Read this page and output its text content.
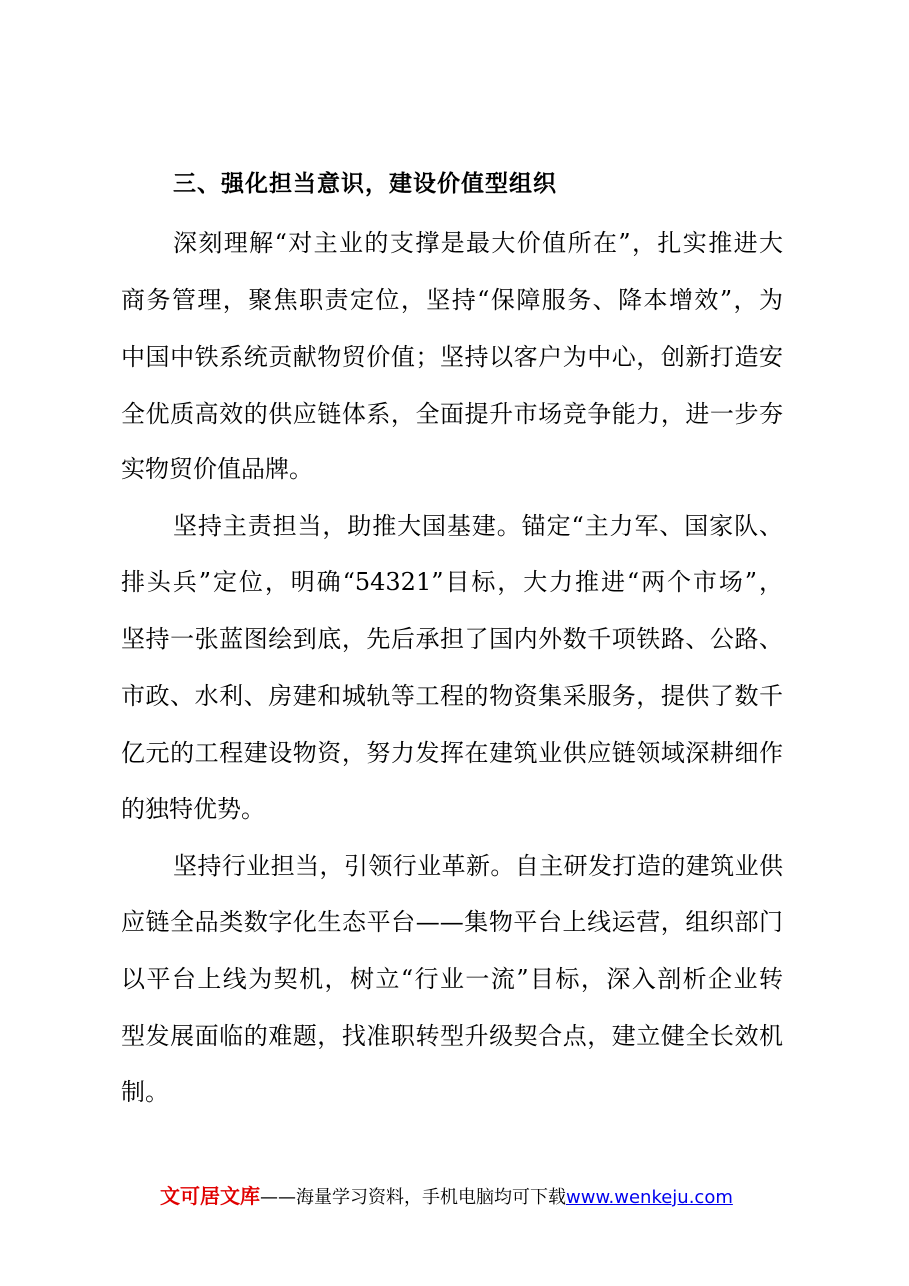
三、强化担当意识，建设价值型组织
深刻理解“对主业的支撑是最大价值所在”，扎实推进大
商务管理，聚焦职责定位，坚持“保障服务、降本增效”，为
中国中铁系统贡献物贸价值；坚持以客户为中心，创新打造安
全优质高效的供应链体系，全面提升市场竞争能力，进一步夯
实物贸价值品牌。
坚持主责担当，助推大国基建。锚定“主力军、国家队、
排头兵”定位，明确“54321”目标，大力推进“两个市场”，
坚持一张蓝图绘到底，先后承担了国内外数千项铁路、公路、
市政、水利、房建和城轨等工程的物资集采服务，提供了数千
亿元的工程建设物资，努力发挥在建筑业供应链领域深耕细作
的独特优势。
坚持行业担当，引领行业革新。自主研发打造的建筑业供
应链全品类数字化生态平台——集物平台上线运营，组织部门
以平台上线为契机，树立“行业一流”目标，深入剖析企业转
型发展面临的难题，找准职转型升级契合点，建立健全长效机
制。
文可居文库——海量学习资料，手机电脑均可下载www.wenkeju.com
